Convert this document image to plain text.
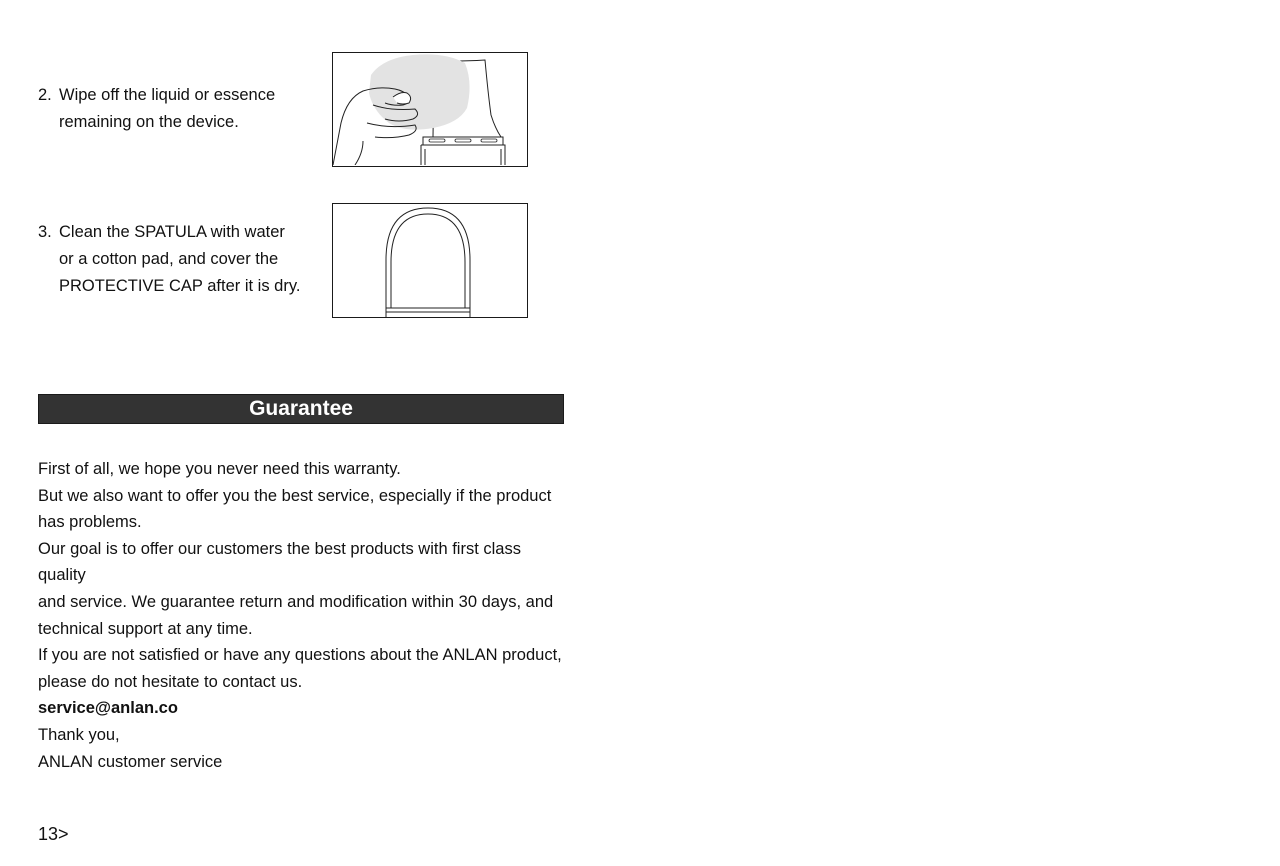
2. Wipe off the liquid or essence
remaining on the device.
3. Clean the SPATULA with water
or a cotton pad, and cover the
PROTECTIVE CAP after it is dry.
Guarantee
First of all, we hope you never need this warranty.
But we also want to offer you the best service, especially if the product
has problems.
Our goal is to offer our customers the best products with first class
quality
and service. We guarantee return and modification within 30 days, and
technical support at any time.
If you are not satisfied or have any questions about the ANLAN product,
please do not hesitate to contact us.
service@anlan.co
Thank you,
ANLAN customer service
13>
